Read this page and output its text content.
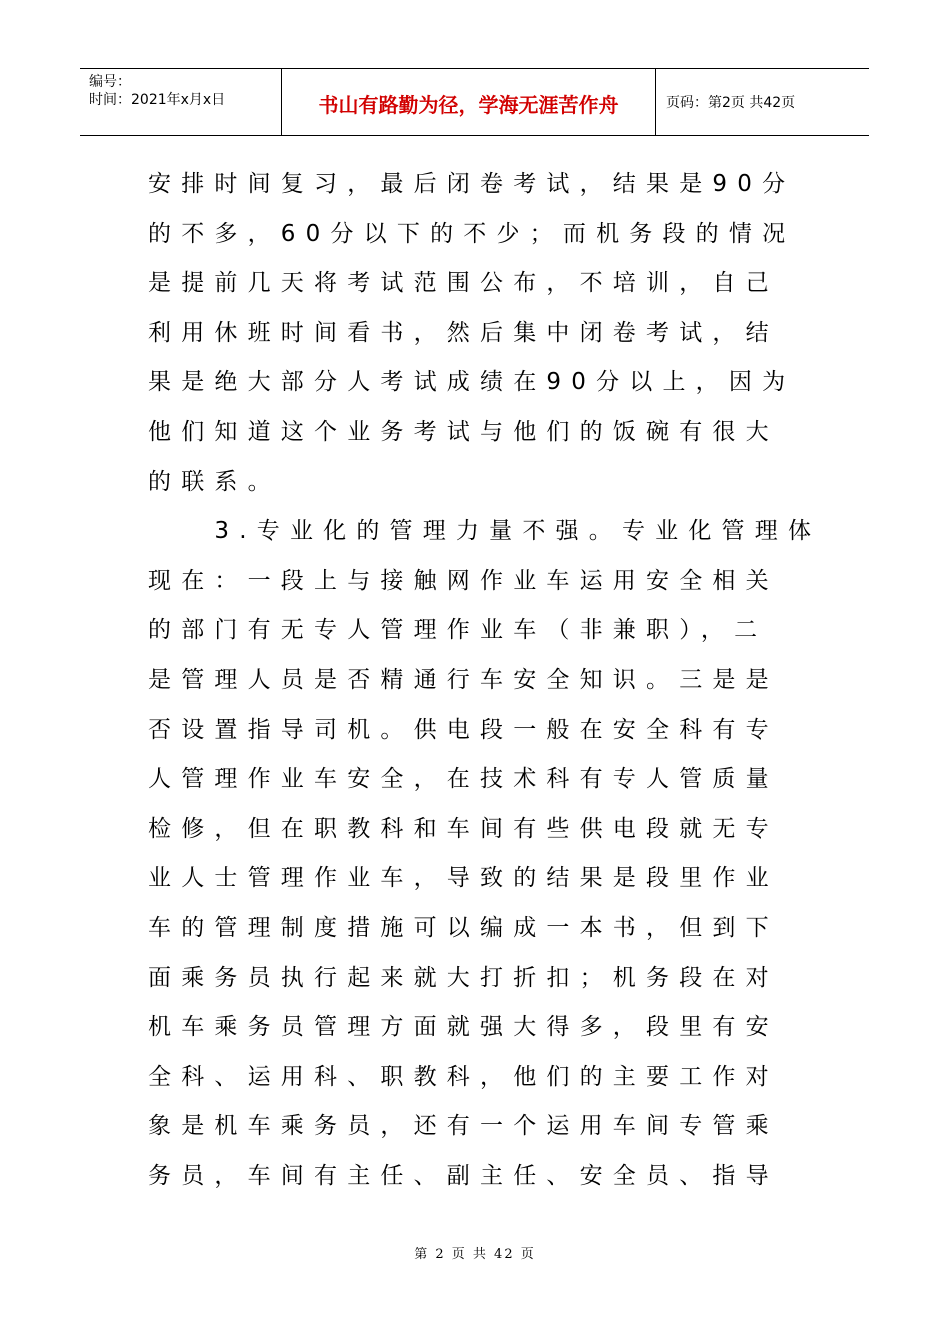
编号：
时间：2021年x月x日	书山有路勤为径，学海无涯苦作舟	页码：第2页 共42页
安排时间复习，最后闭卷考试，结果是90分
的不多，60分以下的不少；而机务段的情况
是提前几天将考试范围公布，不培训，自己
利用休班时间看书，然后集中闭卷考试，结
果是绝大部分人考试成绩在90分以上，因为
他们知道这个业务考试与他们的饭碗有很大
的联系。
　　3.专业化的管理力量不强。专业化管理体
现在：一段上与接触网作业车运用安全相关
的部门有无专人管理作业车（非兼职），二
是管理人员是否精通行车安全知识。三是是
否设置指导司机。供电段一般在安全科有专
人管理作业车安全，在技术科有专人管质量
检修，但在职教科和车间有些供电段就无专
业人士管理作业车，导致的结果是段里作业
车的管理制度措施可以编成一本书，但到下
面乘务员执行起来就大打折扣；机务段在对
机车乘务员管理方面就强大得多，段里有安
全科、运用科、职教科，他们的主要工作对
象是机车乘务员，还有一个运用车间专管乘
务员，车间有主任、副主任、安全员、指导
第 2 页 共 42 页
